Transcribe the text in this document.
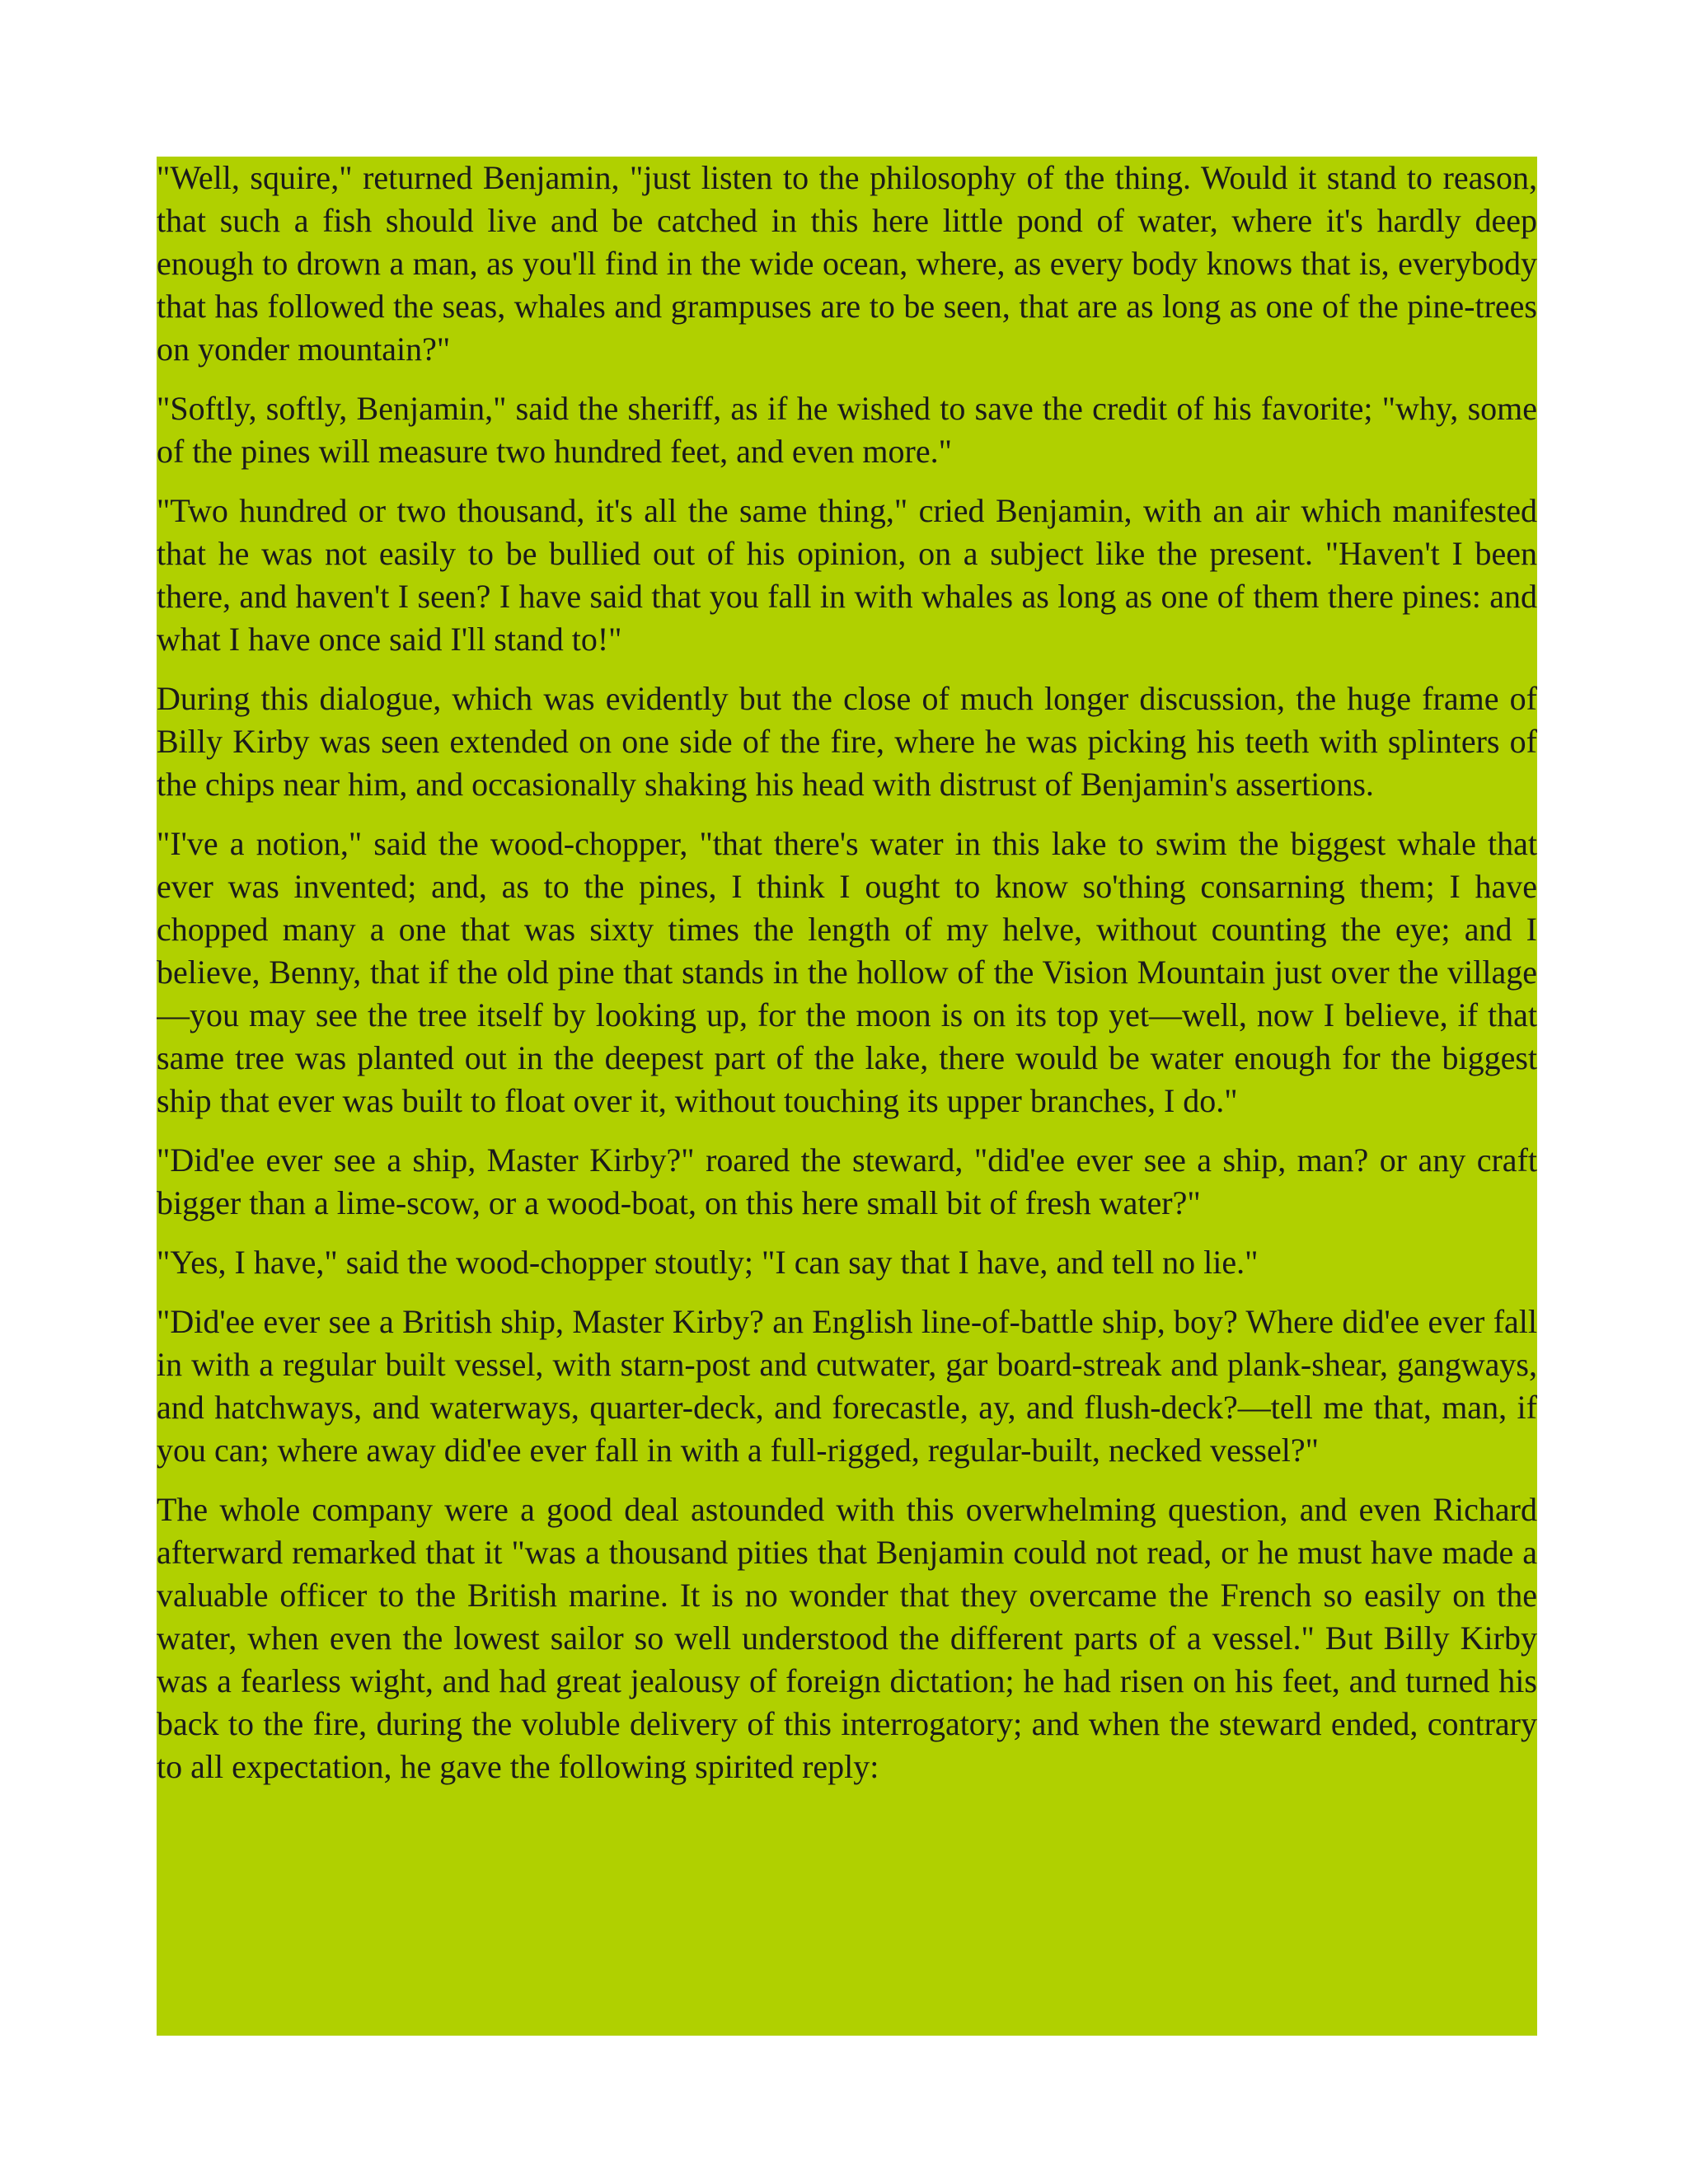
"Well, squire," returned Benjamin, "just listen to the philosophy of the thing. Would it stand to reason, that such a fish should live and be catched in this here little pond of water, where it's hardly deep enough to drown a man, as you'll find in the wide ocean, where, as every body knows that is, everybody that has followed the seas, whales and grampuses are to be seen, that are as long as one of the pine-trees on yonder mountain?"

"Softly, softly, Benjamin," said the sheriff, as if he wished to save the credit of his favorite; "why, some of the pines will measure two hundred feet, and even more."

"Two hundred or two thousand, it's all the same thing," cried Benjamin, with an air which manifested that he was not easily to be bullied out of his opinion, on a subject like the present. "Haven't I been there, and haven't I seen? I have said that you fall in with whales as long as one of them there pines: and what I have once said I'll stand to!"

During this dialogue, which was evidently but the close of much longer discussion, the huge frame of Billy Kirby was seen extended on one side of the fire, where he was picking his teeth with splinters of the chips near him, and occasionally shaking his head with distrust of Benjamin's assertions.

"I've a notion," said the wood-chopper, "that there's water in this lake to swim the biggest whale that ever was invented; and, as to the pines, I think I ought to know so'thing consarning them; I have chopped many a one that was sixty times the length of my helve, without counting the eye; and I believe, Benny, that if the old pine that stands in the hollow of the Vision Mountain just over the village—you may see the tree itself by looking up, for the moon is on its top yet—well, now I believe, if that same tree was planted out in the deepest part of the lake, there would be water enough for the biggest ship that ever was built to float over it, without touching its upper branches, I do."

"Did'ee ever see a ship, Master Kirby?" roared the steward, "did'ee ever see a ship, man? or any craft bigger than a lime-scow, or a wood-boat, on this here small bit of fresh water?"

"Yes, I have," said the wood-chopper stoutly; "I can say that I have, and tell no lie."

"Did'ee ever see a British ship, Master Kirby? an English line-of-battle ship, boy? Where did'ee ever fall in with a regular built vessel, with starn-post and cutwater, gar board-streak and plank-shear, gangways, and hatchways, and waterways, quarter-deck, and forecastle, ay, and flush-deck?—tell me that, man, if you can; where away did'ee ever fall in with a full-rigged, regular-built, necked vessel?"

The whole company were a good deal astounded with this overwhelming question, and even Richard afterward remarked that it "was a thousand pities that Benjamin could not read, or he must have made a valuable officer to the British marine. It is no wonder that they overcame the French so easily on the water, when even the lowest sailor so well understood the different parts of a vessel." But Billy Kirby was a fearless wight, and had great jealousy of foreign dictation; he had risen on his feet, and turned his back to the fire, during the voluble delivery of this interrogatory; and when the steward ended, contrary to all expectation, he gave the following spirited reply:
